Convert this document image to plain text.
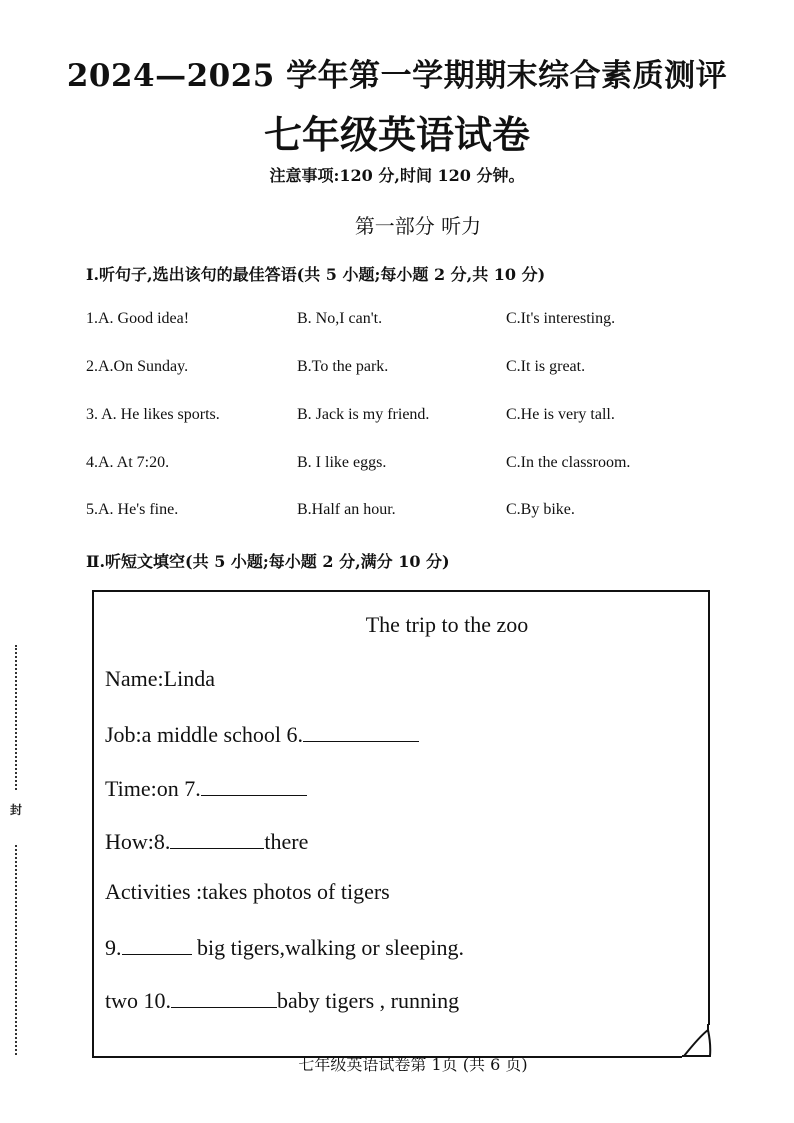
2024—2025 学年第一学期期末综合素质测评
七年级英语试卷
注意事项:120 分,时间 120 分钟。
第一部分 听力
I.听句子,选出该句的最佳答语(共 5 小题;每小题 2 分,共 10 分)
1.A. Good idea!	B. No,I can't.	C.It's interesting.
2.A.On Sunday.	B.To the park.	C.It is great.
3. A. He likes sports.	B. Jack is my friend.	C.He is very tall.
4.A. At 7:20.	B. I like eggs.	C.In the classroom.
5.A. He's fine.	B.Half an hour.	C.By bike.
Ⅱ.听短文填空(共 5 小题;每小题 2 分,满分 10 分)
The trip to the zoo
Name:Linda
Job:a middle school 6.
Time:on 7.
How:8.	there
Activities :takes photos of tigers
9.	big tigers,walking or sleeping.
two 10.	baby tigers , running
七年级英语试卷第 1页 (共 6 页)
封
